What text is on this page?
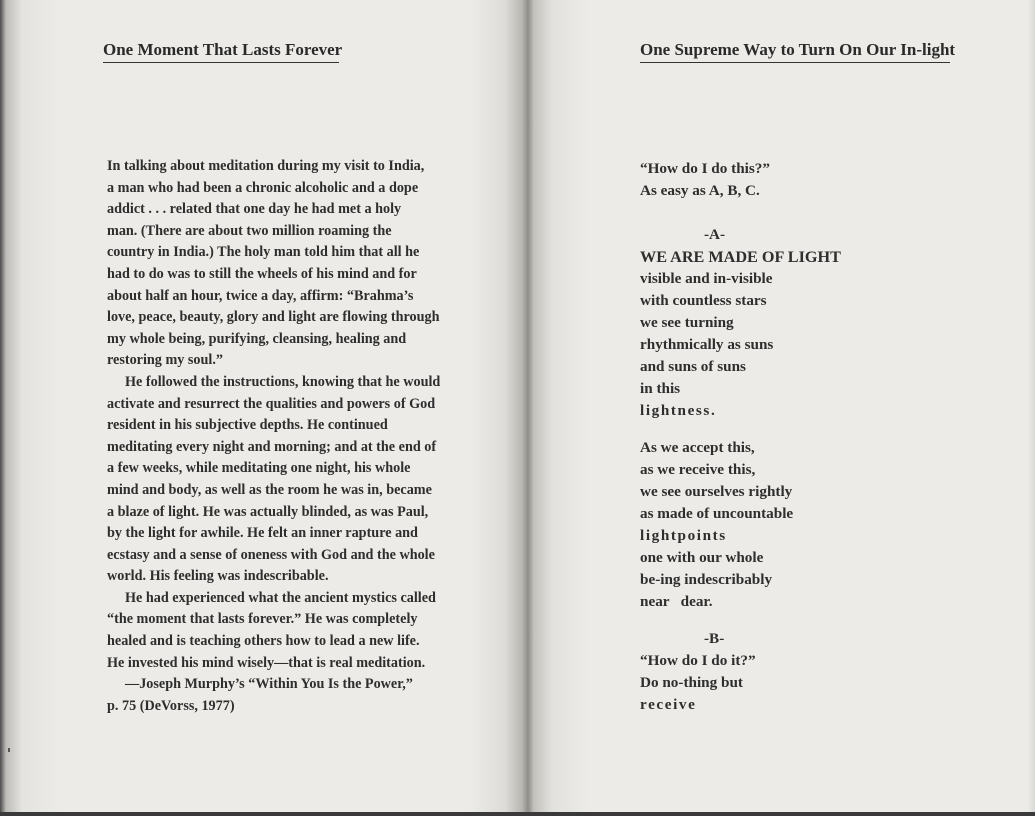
One Moment That Lasts Forever
In talking about meditation during my visit to India,
a man who had been a chronic alcoholic and a dope
addict . . . related that one day he had met a holy
man. (There are about two million roaming the
country in India.) The holy man told him that all he
had to do was to still the wheels of his mind and for
about half an hour, twice a day, affirm: “Brahma’s
love, peace, beauty, glory and light are flowing through
my whole being, purifying, cleansing, healing and
restoring my soul.”
He followed the instructions, knowing that he would
activate and resurrect the qualities and powers of God
resident in his subjective depths. He continued
meditating every night and morning; and at the end of
a few weeks, while meditating one night, his whole
mind and body, as well as the room he was in, became
a blaze of light. He was actually blinded, as was Paul,
by the light for awhile. He felt an inner rapture and
ecstasy and a sense of oneness with God and the whole
world. His feeling was indescribable.
He had experienced what the ancient mystics called
“the moment that lasts forever.” He was completely
healed and is teaching others how to lead a new life.
He invested his mind wisely—that is real meditation.
—Joseph Murphy’s “Within You Is the Power,”
p. 75 (DeVorss, 1977)
One Supreme Way to Turn On Our In-light
“How do I do this?”
As easy as A, B, C.
-A-
WE ARE MADE OF LIGHT
visible and in-visible
with countless stars
we see turning
rhythmically as suns
and suns of suns
in this
lightness.
As we accept this,
as we receive this,
we see ourselves rightly
as made of uncountable
lightpoints
one with our whole
be-ing indescribably
near   dear.
-B-
“How do I do it?”
Do no-thing but
receive
